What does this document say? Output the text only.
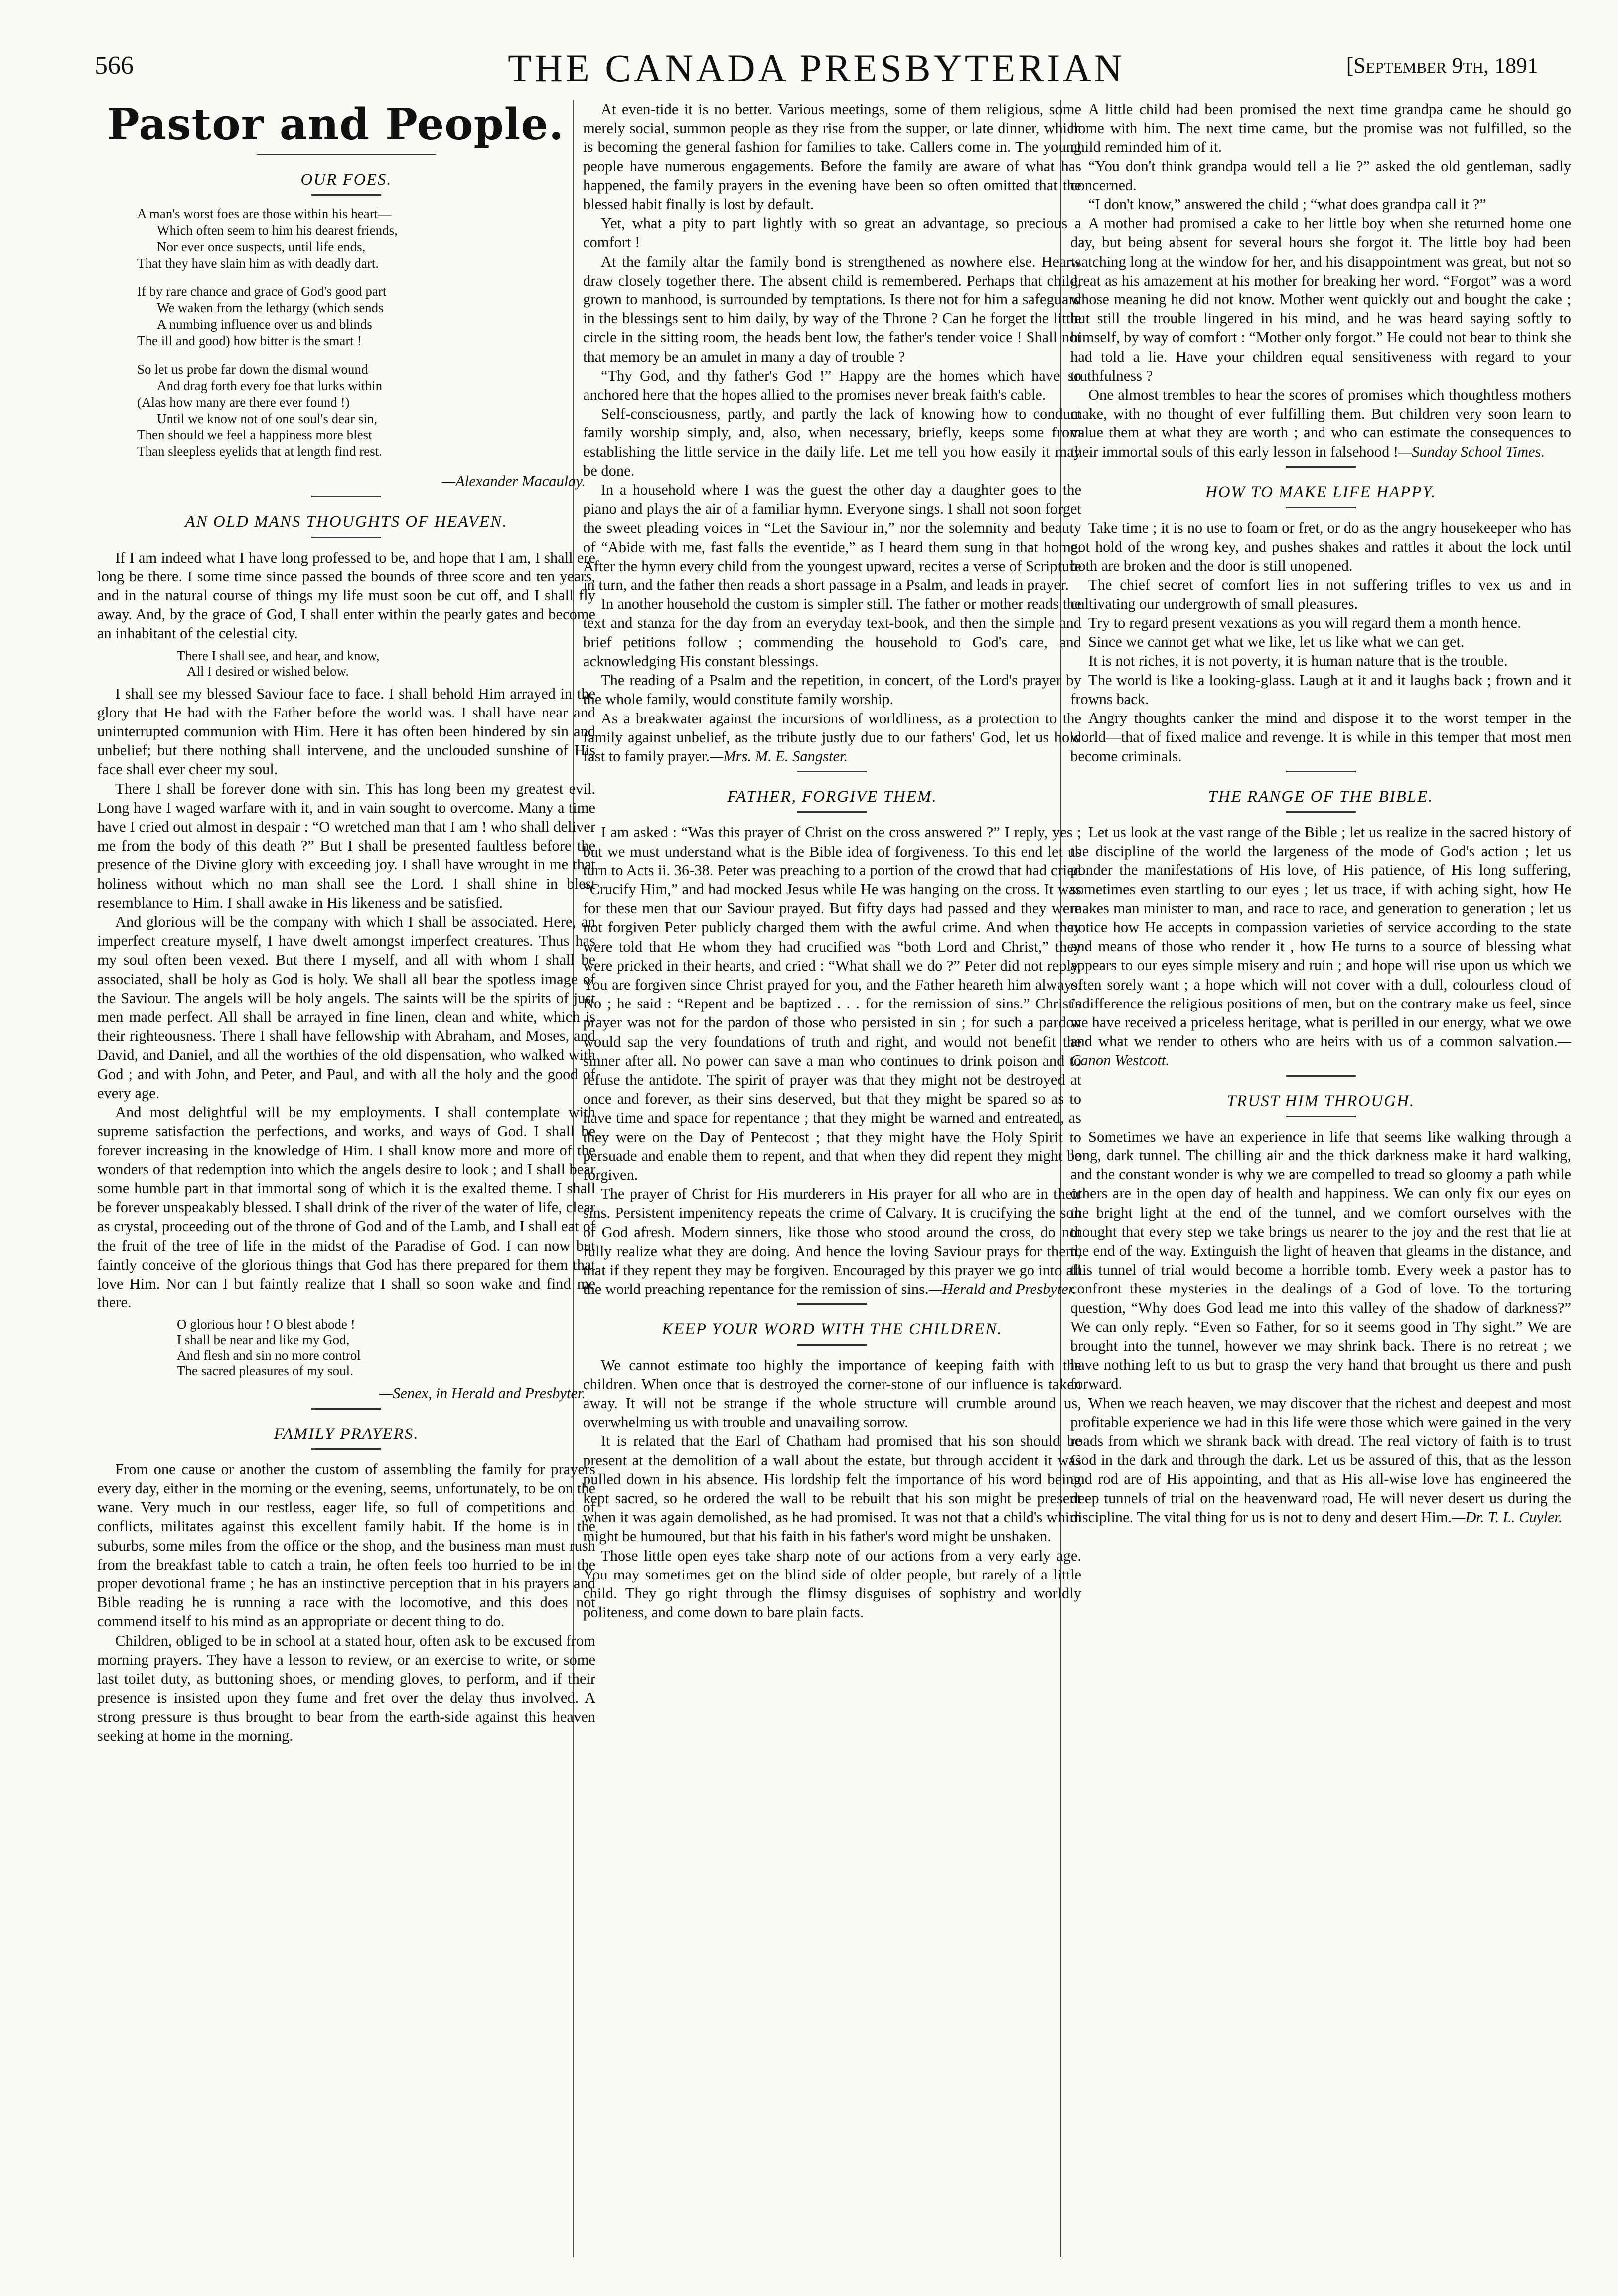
566	THE CANADA PRESBYTERIAN	[September 9th, 1891
Pastor and People.
OUR FOES.

A man's worst foes are those within his heart—

Which often seem to him his dearest friends,

Nor ever once suspects, until life ends,

That they have slain him as with deadly dart.

If by rare chance and grace of God's good part

We waken from the lethargy (which sends

A numbing influence over us and blinds

The ill and good) how bitter is the smart !

So let us probe far down the dismal wound

And drag forth every foe that lurks within

(Alas how many are there ever found !)

Until we know not of one soul's dear sin,

Then should we feel a happiness more blest

Than sleepless eyelids that at length find rest.

—Alexander Macaulay.
AN OLD MANS THOUGHTS OF HEAVEN.

If I am indeed what I have long professed to be, and hope that I am, I shall ere long be there. I some time since passed the bounds of three score and ten years, and in the natural course of things my life must soon be cut off, and I shall fly away. And, by the grace of God, I shall enter within the pearly gates and become an inhabitant of the celestial city.

There I shall see, and hear, and know,

All I desired or wished below.

I shall see my blessed Saviour face to face. I shall behold Him arrayed in the glory that He had with the Father before the world was. I shall have near and uninterrupted communion with Him. Here it has often been hindered by sin and unbelief; but there nothing shall intervene, and the unclouded sunshine of His face shall ever cheer my soul.

There I shall be forever done with sin. This has long been my greatest evil. Long have I waged warfare with it, and in vain sought to overcome. Many a time have I cried out almost in despair : “O wretched man that I am ! who shall deliver me from the body of this death ?” But I shall be presented faultless before the presence of the Divine glory with exceeding joy. I shall have wrought in me that holiness without which no man shall see the Lord. I shall shine in blest resemblance to Him. I shall awake in His likeness and be satisfied.

And glorious will be the company with which I shall be associated. Here, an imperfect creature myself, I have dwelt amongst imperfect creatures. Thus has my soul often been vexed. But there I myself, and all with whom I shall be associated, shall be holy as God is holy. We shall all bear the spotless image of the Saviour. The angels will be holy angels. The saints will be the spirits of just men made perfect. All shall be arrayed in fine linen, clean and white, which is their righteousness. There I shall have fellowship with Abraham, and Moses, and David, and Daniel, and all the worthies of the old dispensation, who walked with God ; and with John, and Peter, and Paul, and with all the holy and the good of every age.

And most delightful will be my employments. I shall contemplate with supreme satisfaction the perfections, and works, and ways of God. I shall be forever increasing in the knowledge of Him. I shall know more and more of the wonders of that redemption into which the angels desire to look ; and I shall bear some humble part in that immortal song of which it is the exalted theme. I shall be forever unspeakably blessed. I shall drink of the river of the water of life, clear as crystal, proceeding out of the throne of God and of the Lamb, and I shall eat of the fruit of the tree of life in the midst of the Paradise of God. I can now but faintly conceive of the glorious things that God has there prepared for them that love Him. Nor can I but faintly realize that I shall so soon wake and find me there.

O glorious hour ! O blest abode !

I shall be near and like my God,

And flesh and sin no more control

The sacred pleasures of my soul.

—Senex, in Herald and Presbyter.
FAMILY PRAYERS.

From one cause or another the custom of assembling the family for prayers every day, either in the morning or the evening, seems, unfortunately, to be on the wane. Very much in our restless, eager life, so full of competitions and of conflicts, militates against this excellent family habit. If the home is in the suburbs, some miles from the office or the shop, and the business man must rush from the breakfast table to catch a train, he often feels too hurried to be in the proper devotional frame ; he has an instinctive perception that in his prayers and Bible reading he is running a race with the locomotive, and this does not commend itself to his mind as an appropriate or decent thing to do.

Children, obliged to be in school at a stated hour, often ask to be excused from morning prayers. They have a lesson to review, or an exercise to write, or some last toilet duty, as buttoning shoes, or mending gloves, to perform, and if their presence is insisted upon they fume and fret over the delay thus involved. A strong pressure is thus brought to bear from the earth-side against this heaven seeking at home in the morning.

At even-tide it is no better. Various meetings, some of them religious, some merely social, summon people as they rise from the supper, or late dinner, which is becoming the general fashion for families to take. Callers come in. The young people have numerous engagements. Before the family are aware of what has happened, the family prayers in the evening have been so often omitted that the blessed habit finally is lost by default.

Yet, what a pity to part lightly with so great an advantage, so precious a comfort !

At the family altar the family bond is strengthened as nowhere else. Hearts draw closely together there. The absent child is remembered. Perhaps that child, grown to manhood, is surrounded by temptations. Is there not for him a safeguard in the blessings sent to him daily, by way of the Throne ? Can he forget the little circle in the sitting room, the heads bent low, the father's tender voice ! Shall not that memory be an amulet in many a day of trouble ?

“Thy God, and thy father's God !” Happy are the homes which have so anchored here that the hopes allied to the promises never break faith's cable.

Self-consciousness, partly, and partly the lack of knowing how to conduct family worship simply, and, also, when necessary, briefly, keeps some from establishing the little service in the daily life. Let me tell you how easily it may be done.

In a household where I was the guest the other day a daughter goes to the piano and plays the air of a familiar hymn. Everyone sings. I shall not soon forget the sweet pleading voices in “Let the Saviour in,” nor the solemnity and beauty of “Abide with me, fast falls the eventide,” as I heard them sung in that home. After the hymn every child from the youngest upward, recites a verse of Scripture in turn, and the father then reads a short passage in a Psalm, and leads in prayer.

In another household the custom is simpler still. The father or mother reads the text and stanza for the day from an everyday text-book, and then the simple and brief petitions follow ; commending the household to God's care, and acknowledging His constant blessings.

The reading of a Psalm and the repetition, in concert, of the Lord's prayer by the whole family, would constitute family worship.

As a breakwater against the incursions of worldliness, as a protection to the family against unbelief, as the tribute justly due to our fathers' God, let us hold fast to family prayer.—Mrs. M. E. Sangster.

FATHER, FORGIVE THEM.

I am asked : “Was this prayer of Christ on the cross answered ?” I reply, yes ; but we must understand what is the Bible idea of forgiveness. To this end let us turn to Acts ii. 36-38. Peter was preaching to a portion of the crowd that had cried “Crucify Him,” and had mocked Jesus while He was hanging on the cross. It was for these men that our Saviour prayed. But fifty days had passed and they were not forgiven Peter publicly charged them with the awful crime. And when they were told that He whom they had crucified was “both Lord and Christ,” they were pricked in their hearts, and cried : “What shall we do ?” Peter did not reply, You are forgiven since Christ prayed for you, and the Father heareth him always. No ; he said : “Repent and be baptized . . . for the remission of sins.” Christ's prayer was not for the pardon of those who persisted in sin ; for such a pardon would sap the very foundations of truth and right, and would not benefit the sinner after all. No power can save a man who continues to drink poison and to refuse the antidote. The spirit of prayer was that they might not be destroyed at once and forever, as their sins deserved, but that they might be spared so as to have time and space for repentance ; that they might be warned and entreated, as they were on the Day of Pentecost ; that they might have the Holy Spirit to persuade and enable them to repent, and that when they did repent they might be forgiven.

The prayer of Christ for His murderers in His prayer for all who are in their sins. Persistent impenitency repeats the crime of Calvary. It is crucifying the son of God afresh. Modern sinners, like those who stood around the cross, do not fully realize what they are doing. And hence the loving Saviour prays for them, that if they repent they may be forgiven. Encouraged by this prayer we go into all the world preaching repentance for the remission of sins.—Herald and Presbyter.

KEEP YOUR WORD WITH THE CHILDREN.

We cannot estimate too highly the importance of keeping faith with the children. When once that is destroyed the corner-stone of our influence is taken away. It will not be strange if the whole structure will crumble around us, overwhelming us with trouble and unavailing sorrow.

It is related that the Earl of Chatham had promised that his son should be present at the demolition of a wall about the estate, but through accident it was pulled down in his absence. His lordship felt the importance of his word being kept sacred, so he ordered the wall to be rebuilt that his son might be present when it was again demolished, as he had promised. It was not that a child's whim might be humoured, but that his faith in his father's word might be unshaken.

Those little open eyes take sharp note of our actions from a very early age. You may sometimes get on the blind side of older people, but rarely of a little child. They go right through the flimsy disguises of sophistry and worldly politeness, and come down to bare plain facts.

A little child had been promised the next time grandpa came he should go home with him. The next time came, but the promise was not fulfilled, so the child reminded him of it.

“You don't think grandpa would tell a lie ?” asked the old gentleman, sadly concerned.

“I don't know,” answered the child ; “what does grandpa call it ?”

A mother had promised a cake to her little boy when she returned home one day, but being absent for several hours she forgot it. The little boy had been watching long at the window for her, and his disappointment was great, but not so great as his amazement at his mother for breaking her word. “Forgot” was a word whose meaning he did not know. Mother went quickly out and bought the cake ; but still the trouble lingered in his mind, and he was heard saying softly to himself, by way of comfort : “Mother only forgot.” He could not bear to think she had told a lie. Have your children equal sensitiveness with regard to your truthfulness ?

One almost trembles to hear the scores of promises which thoughtless mothers make, with no thought of ever fulfilling them. But children very soon learn to value them at what they are worth ; and who can estimate the consequences to their immortal souls of this early lesson in falsehood !—Sunday School Times.

HOW TO MAKE LIFE HAPPY.

Take time ; it is no use to foam or fret, or do as the angry housekeeper who has got hold of the wrong key, and pushes shakes and rattles it about the lock until both are broken and the door is still unopened.

The chief secret of comfort lies in not suffering trifles to vex us and in cultivating our undergrowth of small pleasures.

Try to regard present vexations as you will regard them a month hence.

Since we cannot get what we like, let us like what we can get.

It is not riches, it is not poverty, it is human nature that is the trouble.

The world is like a looking-glass. Laugh at it and it laughs back ; frown and it frowns back.

Angry thoughts canker the mind and dispose it to the worst temper in the world—that of fixed malice and revenge. It is while in this temper that most men become criminals.

THE RANGE OF THE BIBLE.

Let us look at the vast range of the Bible ; let us realize in the sacred history of the discipline of the world the largeness of the mode of God's action ; let us ponder the manifestations of His love, of His patience, of His long suffering, sometimes even startling to our eyes ; let us trace, if with aching sight, how He makes man minister to man, and race to race, and generation to generation ; let us notice how He accepts in compassion varieties of service according to the state and means of those who render it , how He turns to a source of blessing what appears to our eyes simple misery and ruin ; and hope will rise upon us which we often sorely want ; a hope which will not cover with a dull, colourless cloud of indifference the religious positions of men, but on the contrary make us feel, since we have received a priceless heritage, what is perilled in our energy, what we owe and what we render to others who are heirs with us of a common salvation.—Canon Westcott.

TRUST HIM THROUGH.

Sometimes we have an experience in life that seems like walking through a long, dark tunnel. The chilling air and the thick darkness make it hard walking, and the constant wonder is why we are compelled to tread so gloomy a path while others are in the open day of health and happiness. We can only fix our eyes on the bright light at the end of the tunnel, and we comfort ourselves with the thought that every step we take brings us nearer to the joy and the rest that lie at the end of the way. Extinguish the light of heaven that gleams in the distance, and this tunnel of trial would become a horrible tomb. Every week a pastor has to confront these mysteries in the dealings of a God of love. To the torturing question, “Why does God lead me into this valley of the shadow of darkness?” We can only reply. “Even so Father, for so it seems good in Thy sight.” We are brought into the tunnel, however we may shrink back. There is no retreat ; we have nothing left to us but to grasp the very hand that brought us there and push forward.

When we reach heaven, we may discover that the richest and deepest and most profitable experience we had in this life were those which were gained in the very roads from which we shrank back with dread. The real victory of faith is to trust God in the dark and through the dark. Let us be assured of this, that as the lesson and rod are of His appointing, and that as His all-wise love has engineered the deep tunnels of trial on the heavenward road, He will never desert us during the discipline. The vital thing for us is not to deny and desert Him.—Dr. T. L. Cuyler.
